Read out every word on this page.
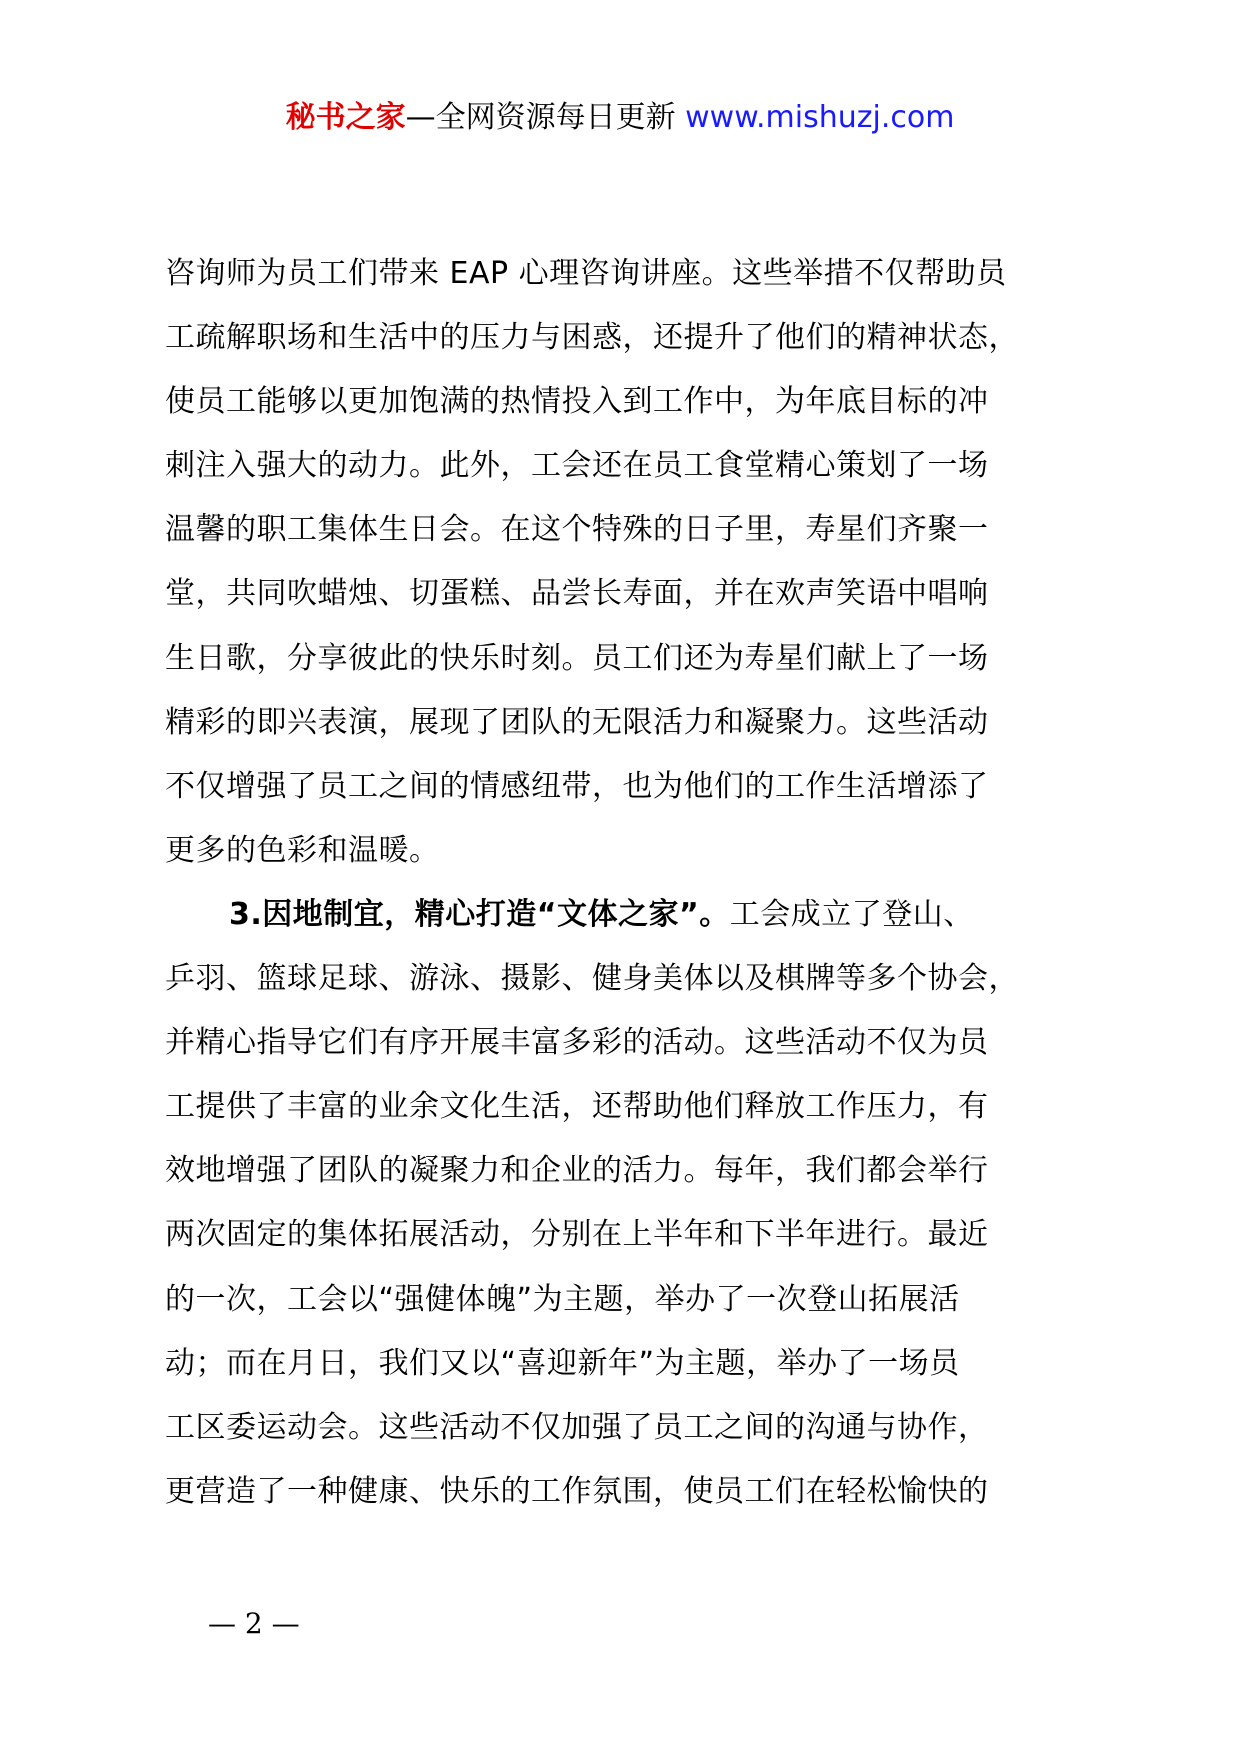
秘书之家—全网资源每日更新 www.mishuzj.com
咨询师为员工们带来 EAP 心理咨询讲座。这些举措不仅帮助员
工疏解职场和生活中的压力与困惑，还提升了他们的精神状态，
使员工能够以更加饱满的热情投入到工作中，为年底目标的冲
刺注入强大的动力。此外，工会还在员工食堂精心策划了一场
温馨的职工集体生日会。在这个特殊的日子里，寿星们齐聚一
堂，共同吹蜡烛、切蛋糕、品尝长寿面，并在欢声笑语中唱响
生日歌，分享彼此的快乐时刻。员工们还为寿星们献上了一场
精彩的即兴表演，展现了团队的无限活力和凝聚力。这些活动
不仅增强了员工之间的情感纽带，也为他们的工作生活增添了
更多的色彩和温暖。
3.因地制宜，精心打造“文体之家”。工会成立了登山、
乒羽、篮球足球、游泳、摄影、健身美体以及棋牌等多个协会，
并精心指导它们有序开展丰富多彩的活动。这些活动不仅为员
工提供了丰富的业余文化生活，还帮助他们释放工作压力，有
效地增强了团队的凝聚力和企业的活力。每年，我们都会举行
两次固定的集体拓展活动，分别在上半年和下半年进行。最近
的一次，工会以“强健体魄”为主题，举办了一次登山拓展活
动；而在月日，我们又以“喜迎新年”为主题，举办了一场员
工区委运动会。这些活动不仅加强了员工之间的沟通与协作，
更营造了一种健康、快乐的工作氛围，使员工们在轻松愉快的
— 2 —
